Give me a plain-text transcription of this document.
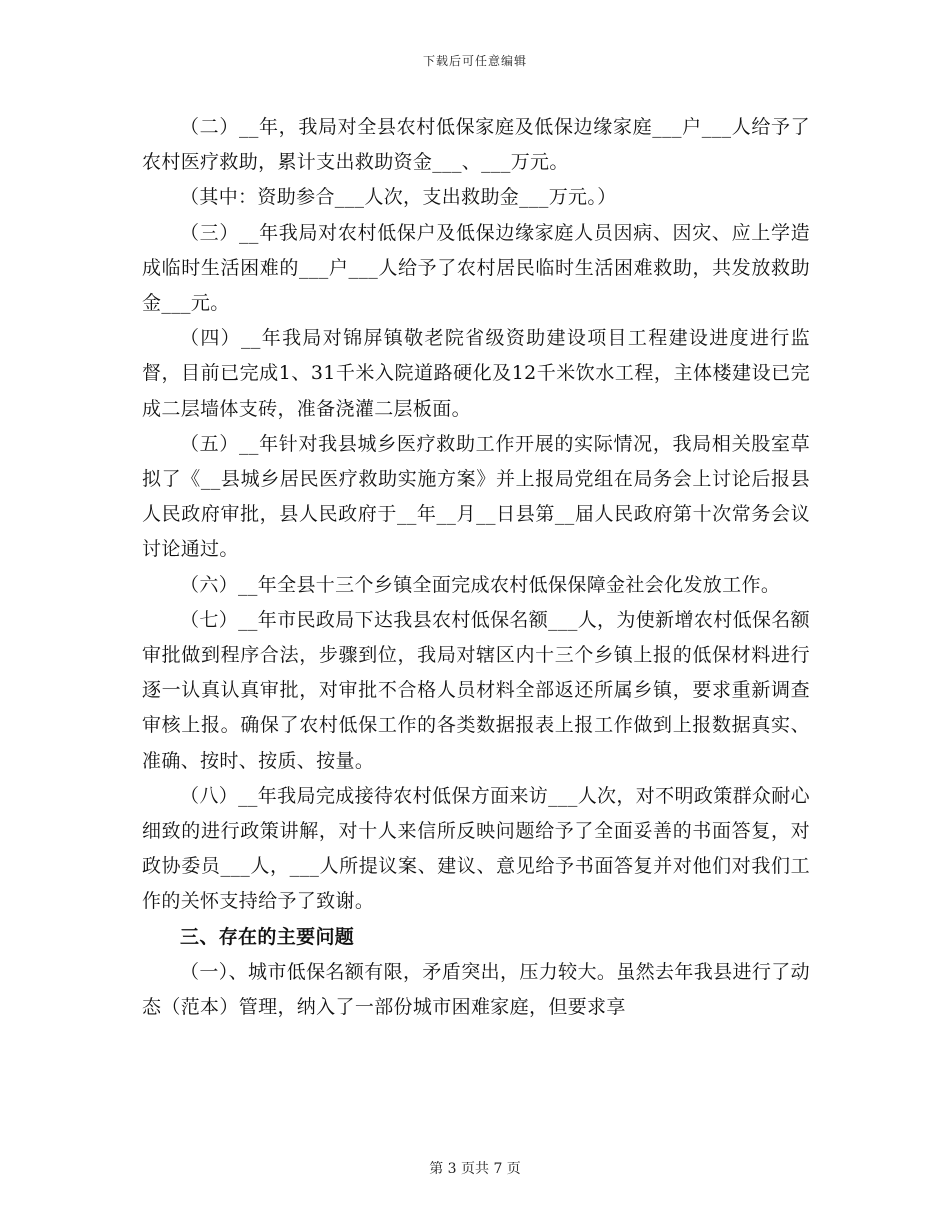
下载后可任意编辑

（二）__年，我局对全县农村低保家庭及低保边缘家庭___户___人给予了农村医疗救助，累计支出救助资金___、___万元。

（其中：资助参合___人次，支出救助金___万元。）

（三）__年我局对农村低保户及低保边缘家庭人员因病、因灾、应上学造成临时生活困难的___户___人给予了农村居民临时生活困难救助，共发放救助金___元。

（四）__年我局对锦屏镇敬老院省级资助建设项目工程建设进度进行监督，目前已完成1、31千米入院道路硬化及12千米饮水工程，主体楼建设已完成二层墙体支砖，准备浇灌二层板面。

（五）__年针对我县城乡医疗救助工作开展的实际情况，我局相关股室草拟了《__县城乡居民医疗救助实施方案》并上报局党组在局务会上讨论后报县人民政府审批，县人民政府于__年__月__日县第__届人民政府第十次常务会议讨论通过。

（六）__年全县十三个乡镇全面完成农村低保保障金社会化发放工作。

（七）__年市民政局下达我县农村低保名额___人，为使新增农村低保名额审批做到程序合法，步骤到位，我局对辖区内十三个乡镇上报的低保材料进行逐一认真认真审批，对审批不合格人员材料全部返还所属乡镇，要求重新调查审核上报。确保了农村低保工作的各类数据报表上报工作做到上报数据真实、准确、按时、按质、按量。

（八）__年我局完成接待农村低保方面来访___人次，对不明政策群众耐心细致的进行政策讲解，对十人来信所反映问题给予了全面妥善的书面答复，对政协委员___人，___人所提议案、建议、意见给予书面答复并对他们对我们工作的关怀支持给予了致谢。

三、存在的主要问题

（一）、城市低保名额有限，矛盾突出，压力较大。虽然去年我县进行了动态（范本）管理，纳入了一部份城市困难家庭，但要求享

第 3 页共 7 页
